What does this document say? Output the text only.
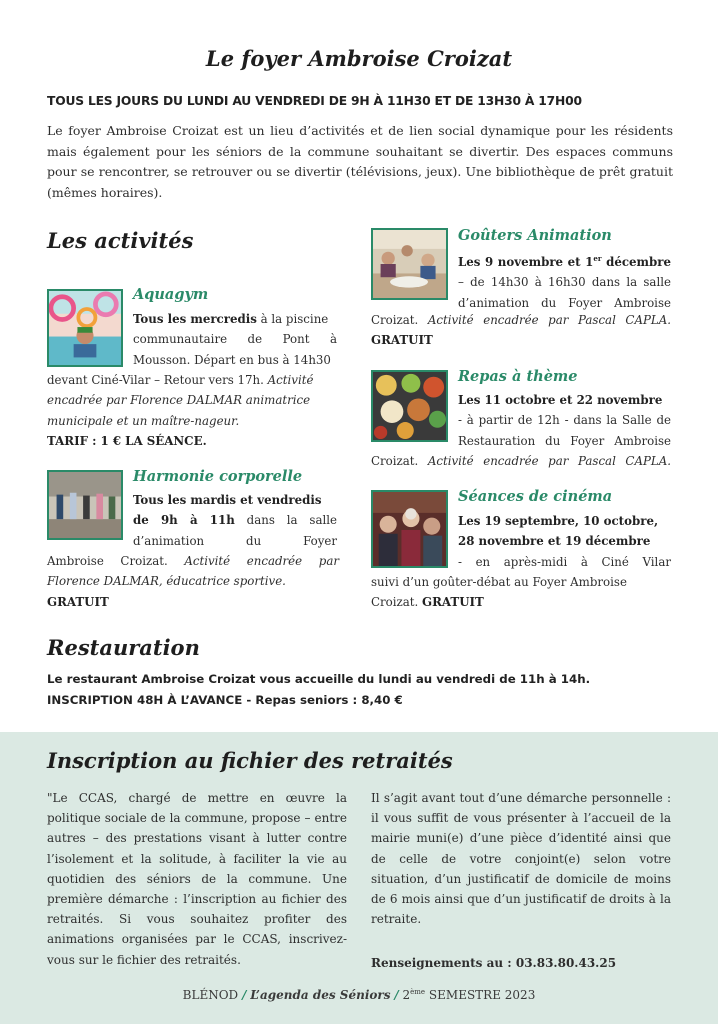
Le foyer Ambroise Croizat
TOUS LES JOURS DU LUNDI AU VENDREDI DE 9H À 11H30 ET DE 13H30 À 17H00

Le foyer Ambroise Croizat est un lieu d’activités et de lien social dynamique pour les résidents mais également pour les séniors de la commune souhaitant se divertir. Des espaces communs pour se rencontrer, se retrouver ou se divertir (télévisions, jeux). Une bibliothèque de prêt gratuit (mêmes horaires).

Les activités
Aquagym
Tous les mercredis à la piscine
communautaire de Pont à
Mousson. Départ en bus à 14h30
devant Ciné-Vilar – Retour vers 17h. Activité
encadrée par Florence DALMAR animatrice
municipale et un maître-nageur.
TARIF : 1 € LA SÉANCE.
Harmonie corporelle
Tous les mardis et vendredis
de 9h à 11h dans la salle
d’animation du Foyer
Ambroise Croizat. Activité encadrée par
Florence DALMAR, éducatrice sportive.
GRATUIT
Goûters Animation
Les 9 novembre et 1er décembre
– de 14h30 à 16h30 dans la salle
d’animation du Foyer Ambroise
Croizat. Activité encadrée par Pascal CAPLA.
GRATUIT
Repas à thème
Les 11 octobre et 22 novembre
- à partir de 12h - dans la Salle de
Restauration du Foyer Ambroise
Croizat. Activité encadrée par Pascal CAPLA.
Séances de cinéma
Les 19 septembre, 10 octobre,
28 novembre et 19 décembre
- en après-midi à Ciné Vilar
suivi d’un goûter-débat au Foyer Ambroise
Croizat. GRATUIT
Restauration
Le restaurant Ambroise Croizat vous accueille du lundi au vendredi de 11h à 14h.
INSCRIPTION 48H À L’AVANCE - Repas seniors : 8,40 €
Inscription au fichier des retraités

"Le CCAS, chargé de mettre en œuvre la politique sociale de la commune, propose – entre autres – des prestations visant à lutter contre l’isolement et la solitude, à faciliter la vie au quotidien des séniors de la commune. Une première démarche : l’inscription au fichier des retraités. Si vous souhaitez profiter des animations organisées par le CCAS, inscrivez-vous sur le fichier des retraités.

Il s’agit avant tout d’une démarche personnelle : il vous suffit de vous présenter à l’accueil de la mairie muni(e) d’une pièce d’identité ainsi que de celle de votre conjoint(e) selon votre situation, d’un justificatif de domicile de moins de 6 mois ainsi que d’un justificatif de droits à la retraite.

Renseignements au : 03.83.80.43.25
BLÉNOD / L’agenda des Séniors / 2ème SEMESTRE 2023
